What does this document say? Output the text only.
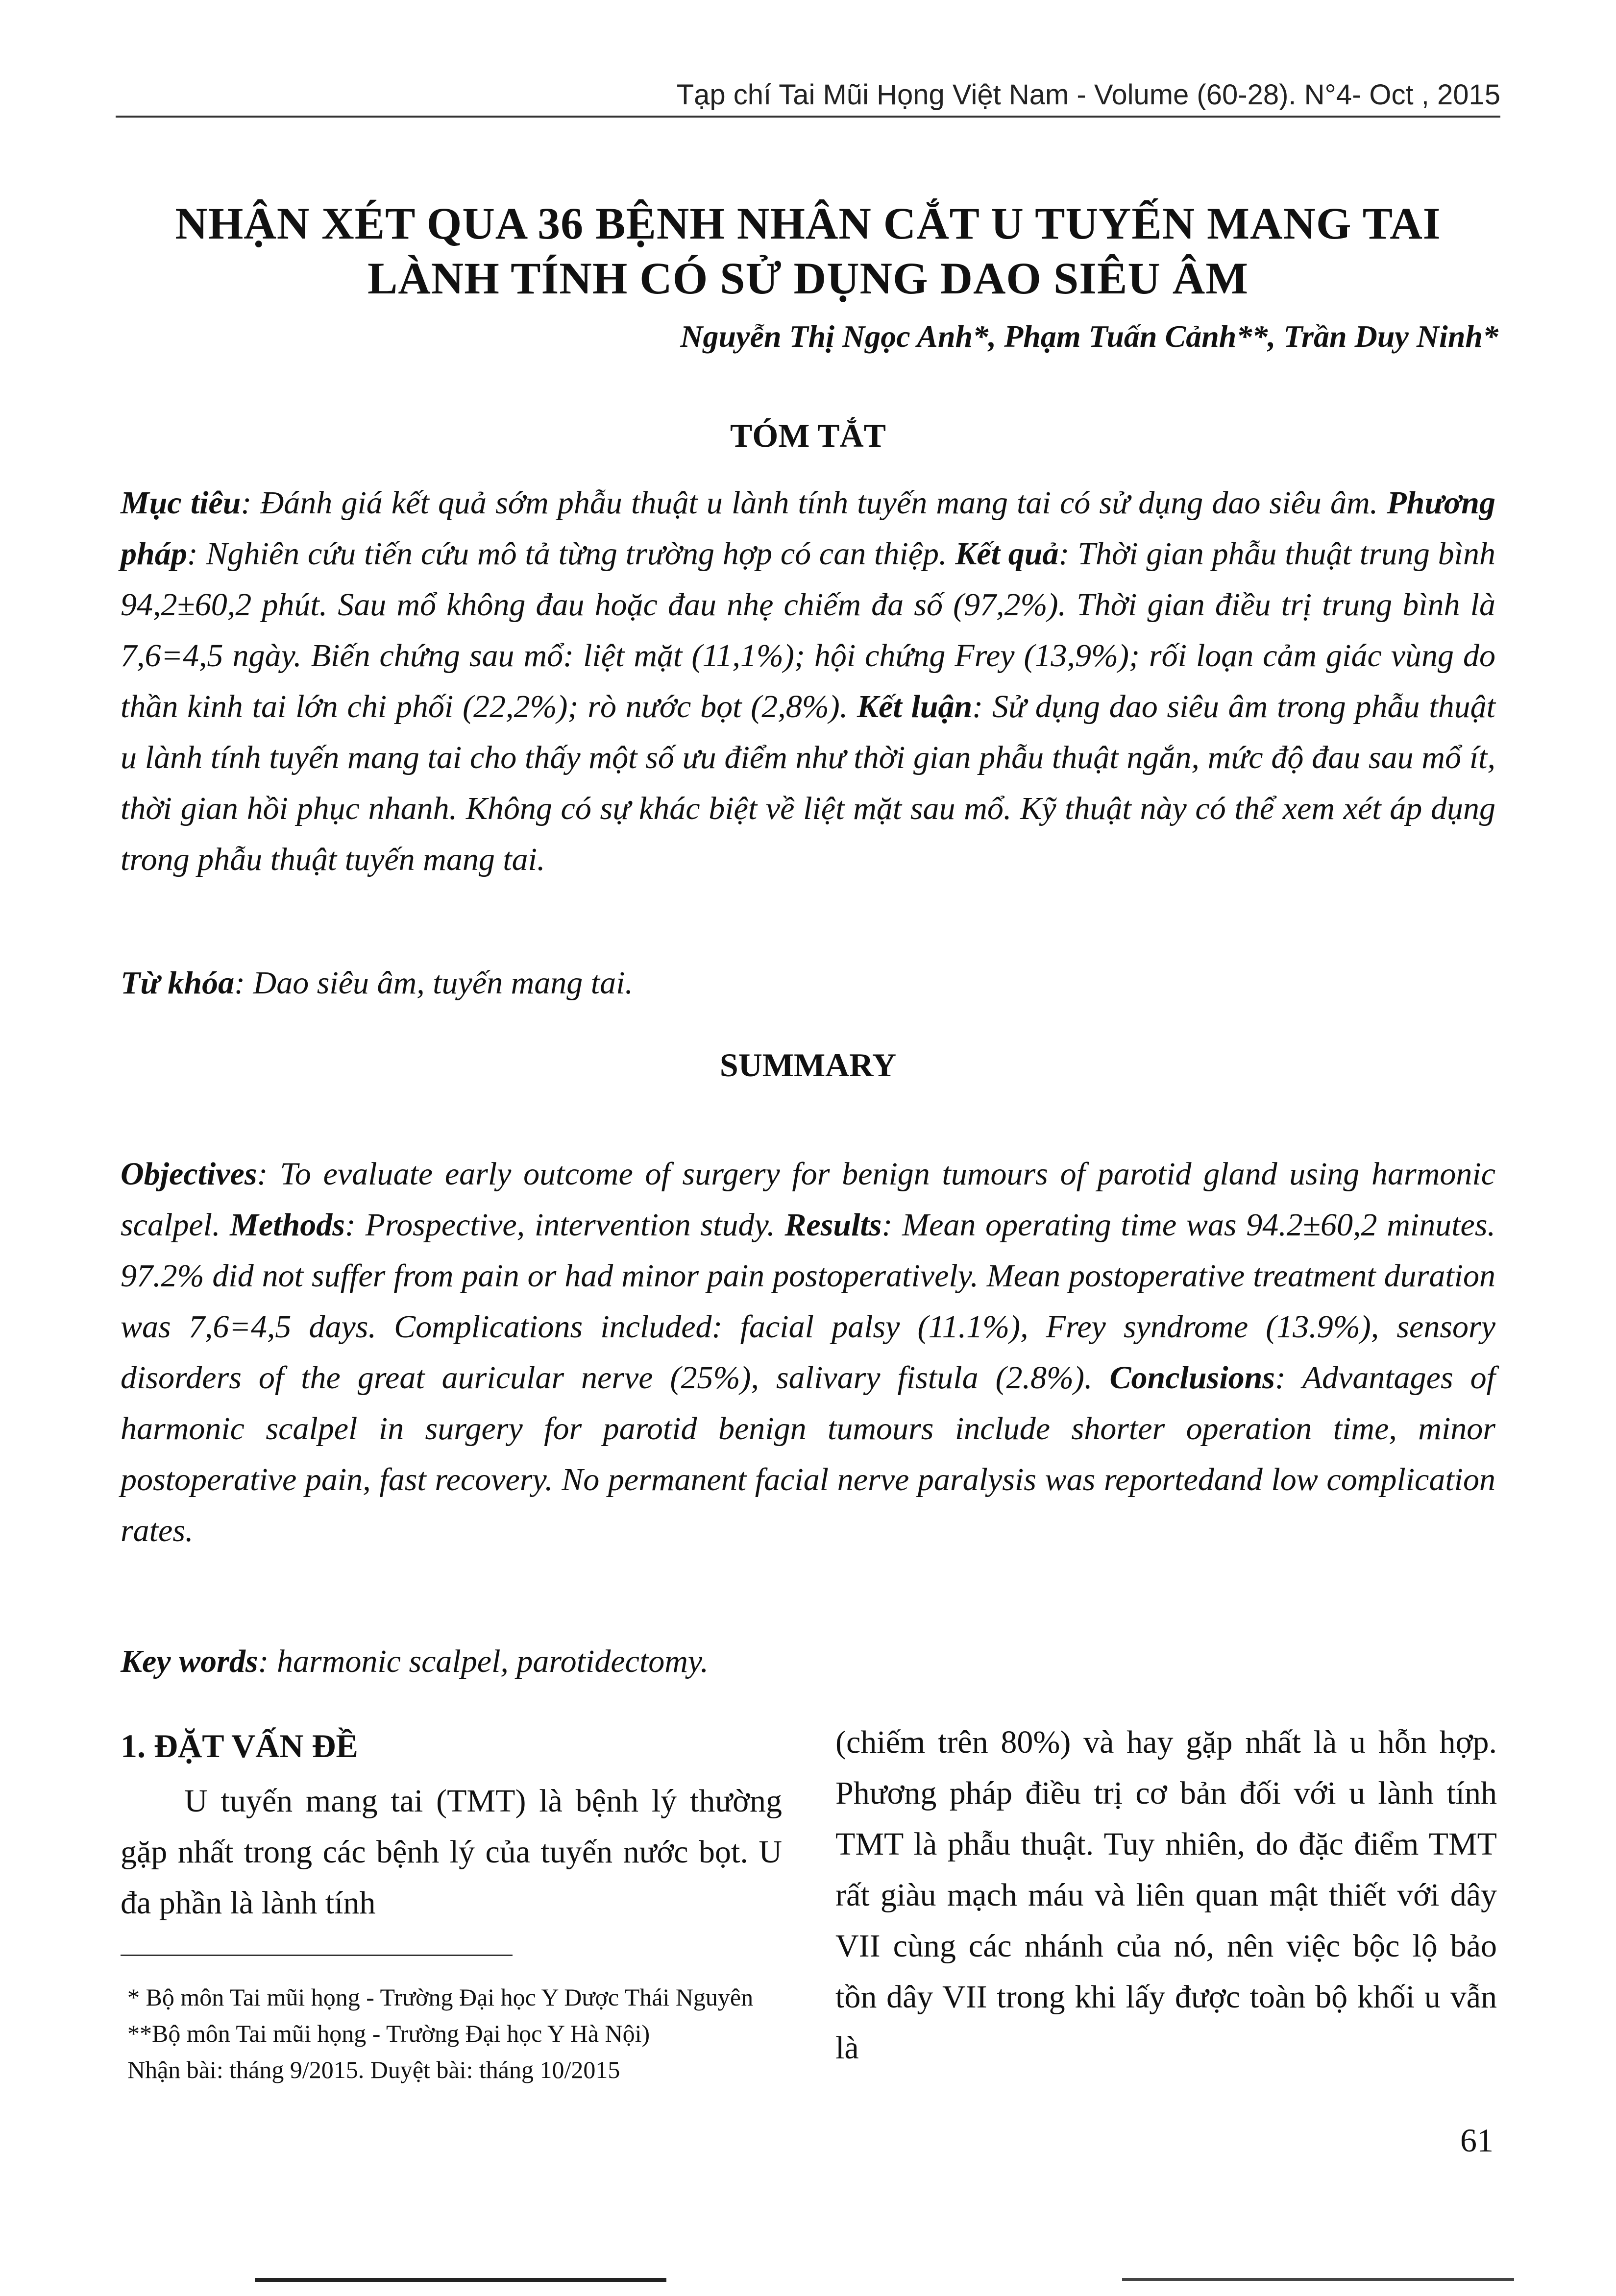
Tạp chí Tai Mũi Họng Việt Nam - Volume (60-28). N°4- Oct , 2015
NHẬN XÉT QUA 36 BỆNH NHÂN CẮT U TUYẾN MANG TAI
LÀNH TÍNH CÓ SỬ DỤNG DAO SIÊU ÂM
Nguyễn Thị Ngọc Anh*, Phạm Tuấn Cảnh**, Trần Duy Ninh*
TÓM TẮT
Mục tiêu: Đánh giá kết quả sớm phẫu thuật u lành tính tuyến mang tai có sử dụng dao siêu âm. Phương pháp: Nghiên cứu tiến cứu mô tả từng trường hợp có can thiệp. Kết quả: Thời gian phẫu thuật trung bình 94,2±60,2 phút. Sau mổ không đau hoặc đau nhẹ chiếm đa số (97,2%). Thời gian điều trị trung bình là 7,6=4,5 ngày. Biến chứng sau mổ: liệt mặt (11,1%); hội chứng Frey (13,9%); rối loạn cảm giác vùng do thần kinh tai lớn chi phối (22,2%); rò nước bọt (2,8%). Kết luận: Sử dụng dao siêu âm trong phẫu thuật u lành tính tuyến mang tai cho thấy một số ưu điểm như thời gian phẫu thuật ngắn, mức độ đau sau mổ ít, thời gian hồi phục nhanh. Không có sự khác biệt về liệt mặt sau mổ. Kỹ thuật này có thể xem xét áp dụng trong phẫu thuật tuyến mang tai.
Từ khóa: Dao siêu âm, tuyến mang tai.
SUMMARY
Objectives: To evaluate early outcome of surgery for benign tumours of parotid gland using harmonic scalpel. Methods: Prospective, intervention study. Results: Mean operating time was 94.2±60,2 minutes. 97.2% did not suffer from pain or had minor pain postoperatively. Mean postoperative treatment duration was 7,6=4,5 days. Complications included: facial palsy (11.1%), Frey syndrome (13.9%), sensory disorders of the great auricular nerve (25%), salivary fistula (2.8%). Conclusions: Advantages of harmonic scalpel in surgery for parotid benign tumours include shorter operation time, minor postoperative pain, fast recovery. No permanent facial nerve paralysis was reportedand low complication rates.
Key words: harmonic scalpel, parotidectomy.
1. ĐẶT VẤN ĐỀ
U tuyến mang tai (TMT) là bệnh lý thường gặp nhất trong các bệnh lý của tuyến nước bọt. U đa phần là lành tính
(chiếm trên 80%) và hay gặp nhất là u hỗn hợp. Phương pháp điều trị cơ bản đối với u lành tính TMT là phẫu thuật. Tuy nhiên, do đặc điểm TMT rất giàu mạch máu và liên quan mật thiết với dây VII cùng các nhánh của nó, nên việc bộc lộ bảo tồn dây VII trong khi lấy được toàn bộ khối u vẫn là
* Bộ môn Tai mũi họng - Trường Đại học Y Dược Thái Nguyên
**Bộ môn Tai mũi họng - Trường Đại học Y Hà Nội)
Nhận bài: tháng 9/2015. Duyệt bài: tháng 10/2015
61
